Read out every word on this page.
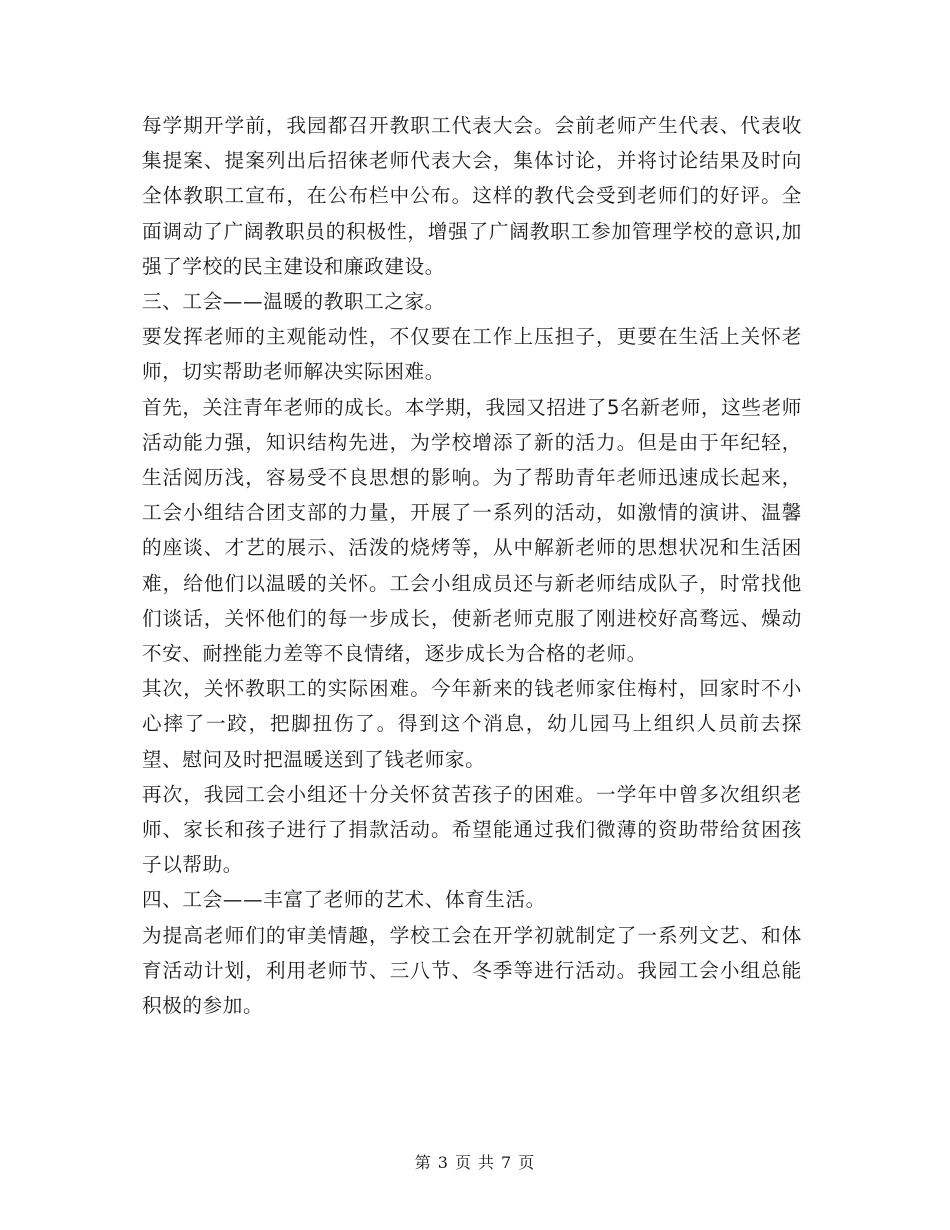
每学期开学前，我园都召开教职工代表大会。会前老师产生代表、代表收集提案、提案列出后招徕老师代表大会，集体讨论，并将讨论结果及时向全体教职工宣布，在公布栏中公布。这样的教代会受到老师们的好评。全面调动了广阔教职员的积极性，增强了广阔教职工参加管理学校的意识,加强了学校的民主建设和廉政建设。

三、工会——温暖的教职工之家。

要发挥老师的主观能动性，不仅要在工作上压担子，更要在生活上关怀老师，切实帮助老师解决实际困难。

首先，关注青年老师的成长。本学期，我园又招进了5名新老师，这些老师活动能力强，知识结构先进，为学校增添了新的活力。但是由于年纪轻，生活阅历浅，容易受不良思想的影响。为了帮助青年老师迅速成长起来，工会小组结合团支部的力量，开展了一系列的活动，如激情的演讲、温馨的座谈、才艺的展示、活泼的烧烤等，从中解新老师的思想状况和生活困难，给他们以温暖的关怀。工会小组成员还与新老师结成队子，时常找他们谈话，关怀他们的每一步成长，使新老师克服了刚进校好高骛远、燥动不安、耐挫能力差等不良情绪，逐步成长为合格的老师。

其次，关怀教职工的实际困难。今年新来的钱老师家住梅村，回家时不小心摔了一跤，把脚扭伤了。得到这个消息，幼儿园马上组织人员前去探望、慰问及时把温暖送到了钱老师家。

再次，我园工会小组还十分关怀贫苦孩子的困难。一学年中曾多次组织老师、家长和孩子进行了捐款活动。希望能通过我们微薄的资助带给贫困孩子以帮助。

四、工会——丰富了老师的艺术、体育生活。

为提高老师们的审美情趣，学校工会在开学初就制定了一系列文艺、和体育活动计划，利用老师节、三八节、冬季等进行活动。我园工会小组总能积极的参加。

第 3 页 共 7 页
